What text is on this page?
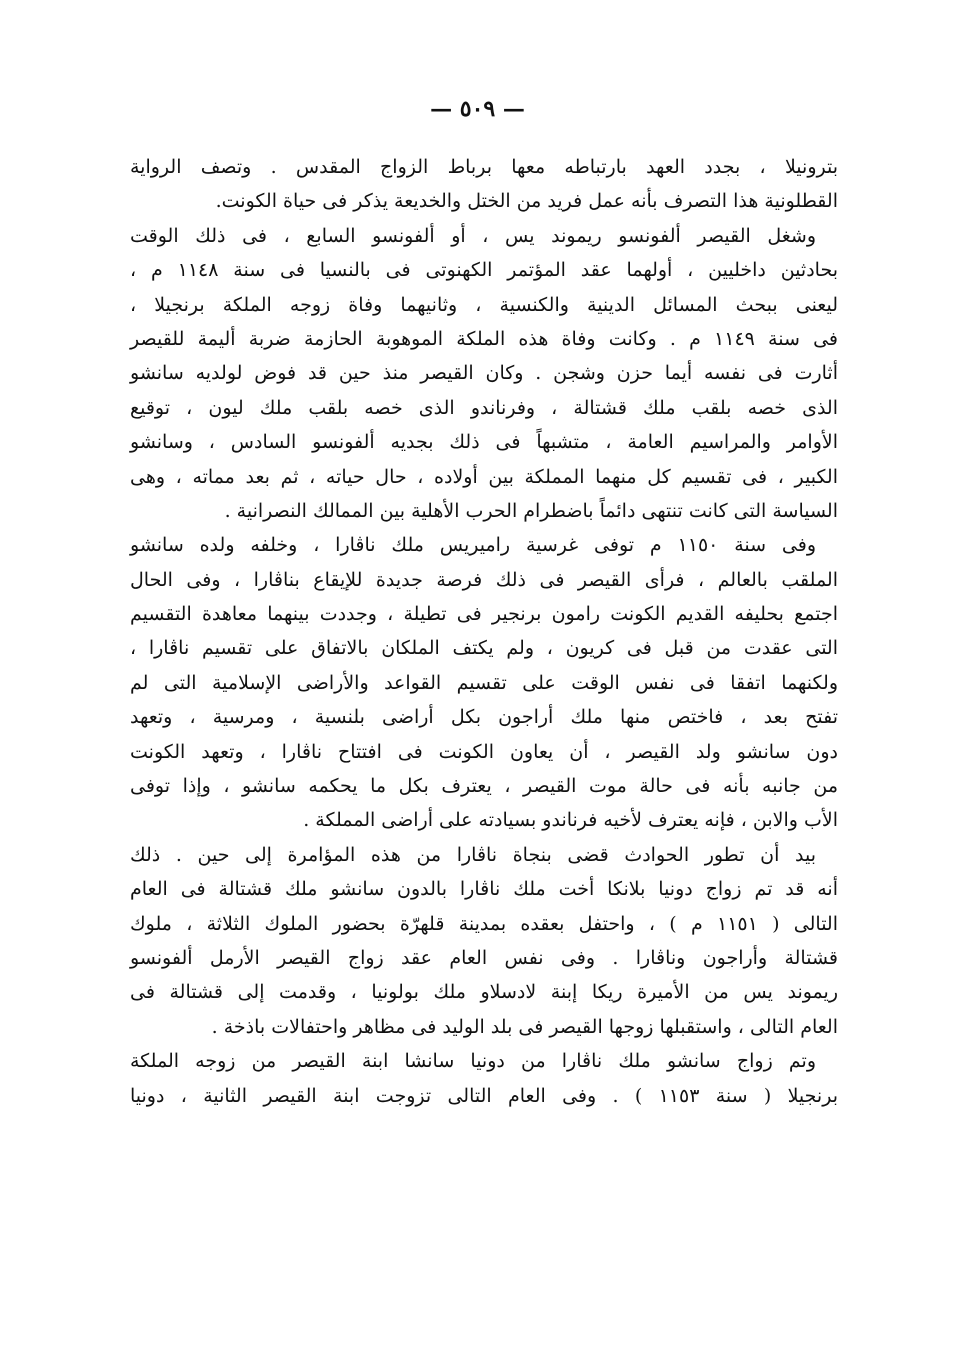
— ٥٠٩ —
بترونيلا ، بجدد العهد بارتباطه معها برباط الزواج المقدس . وتصف الرواية
القطلونية هذا التصرف بأنه عمل فريد من الختل والخديعة يذكر فى حياة الكونت.
وشغل القيصر ألفونسو ريموند يس ، أو ألفونسو السابع ، فى ذلك الوقت
بحادثين داخليين ، أولهما عقد المؤتمر الكهنوتى فى بالنسيا فى سنة ١١٤٨ م ،
ليعنى ببحث المسائل الدينية والكنسية ، وثانيهما وفاة زوجه الملكة برنجيلا ،
فى سنة ١١٤٩ م . وكانت وفاة هذه الملكة الموهوبة الحازمة ضربة أليمة للقيصر
أثارت فى نفسه أيما حزن وشجن . وكان القيصر منذ حين قد فوض لولديه سانشو
الذى خصه بلقب ملك قشتالة ، وفرناندو الذى خصه بلقب ملك ليون ، توقيع
الأوامر والمراسيم العامة ، متشبهاً فى ذلك بجديه ألفونسو السادس ، وسانشو
الكبير ، فى تقسيم كل منهما المملكة بين أولاده ، حال حياته ، ثم بعد مماته ، وهى
السياسة التى كانت تنتهى دائماً باضطرام الحرب الأهلية بين الممالك النصرانية .
وفى سنة ١١٥٠ م توفى غرسية راميريس ملك ناڤارا ، وخلفه ولده سانشو
الملقب بالعالم ، فرأى القيصر فى ذلك فرصة جديدة للإيقاع بناڤارا ، وفى الحال
اجتمع بحليفه القديم الكونت رامون برنجير فى تطيلة ، وجددت بينهما معاهدة التقسيم
التى عقدت من قبل فى كريون ، ولم يكتف الملكان بالاتفاق على تقسيم ناڤارا ،
ولكنهما اتفقا فى نفس الوقت على تقسيم القواعد والأراضى الإسلامية التى لم
تفتح بعد ، فاختص منها ملك أراجون بكل أراضى بلنسية ، ومرسية ، وتعهد
دون سانشو ولد القيصر ، أن يعاون الكونت فى افتتاح ناڤارا ، وتعهد الكونت
من جانبه بأنه فى حالة موت القيصر ، يعترف بكل ما يحكمه سانشو ، وإذا توفى
الأب والابن ، فإنه يعترف لأخيه فرناندو بسيادته على أراضى المملكة .
بيد أن تطور الحوادث قضى بنجاة ناڤارا من هذه المؤامرة إلى حين . ذلك
أنه قد تم زواج دونيا بلانكا أخت ملك ناڤارا بالدون سانشو ملك قشتالة فى العام
التالى ( ١١٥١ م ) ، واحتفل بعقده بمدينة قلهرّة بحضور الملوك الثلاثة ، ملوك
قشتالة وأراجون وناڤارا . وفى نفس العام عقد زواج القيصر الأرمل ألفونسو
ريموند يس من الأميرة ريكا إبنة لادسلاو ملك بولونيا ، وقدمت إلى قشتالة فى
العام التالى ، واستقبلها زوجها القيصر فى بلد الوليد فى مظاهر واحتفالات باذخة .
وتم زواج سانشو ملك ناڤارا من دونيا سانشا ابنة القيصر من زوجه الملكة
برنجيلا ( سنة ١١٥٣ ) . وفى العام التالى تزوجت ابنة القيصر الثانية ، دونيا
